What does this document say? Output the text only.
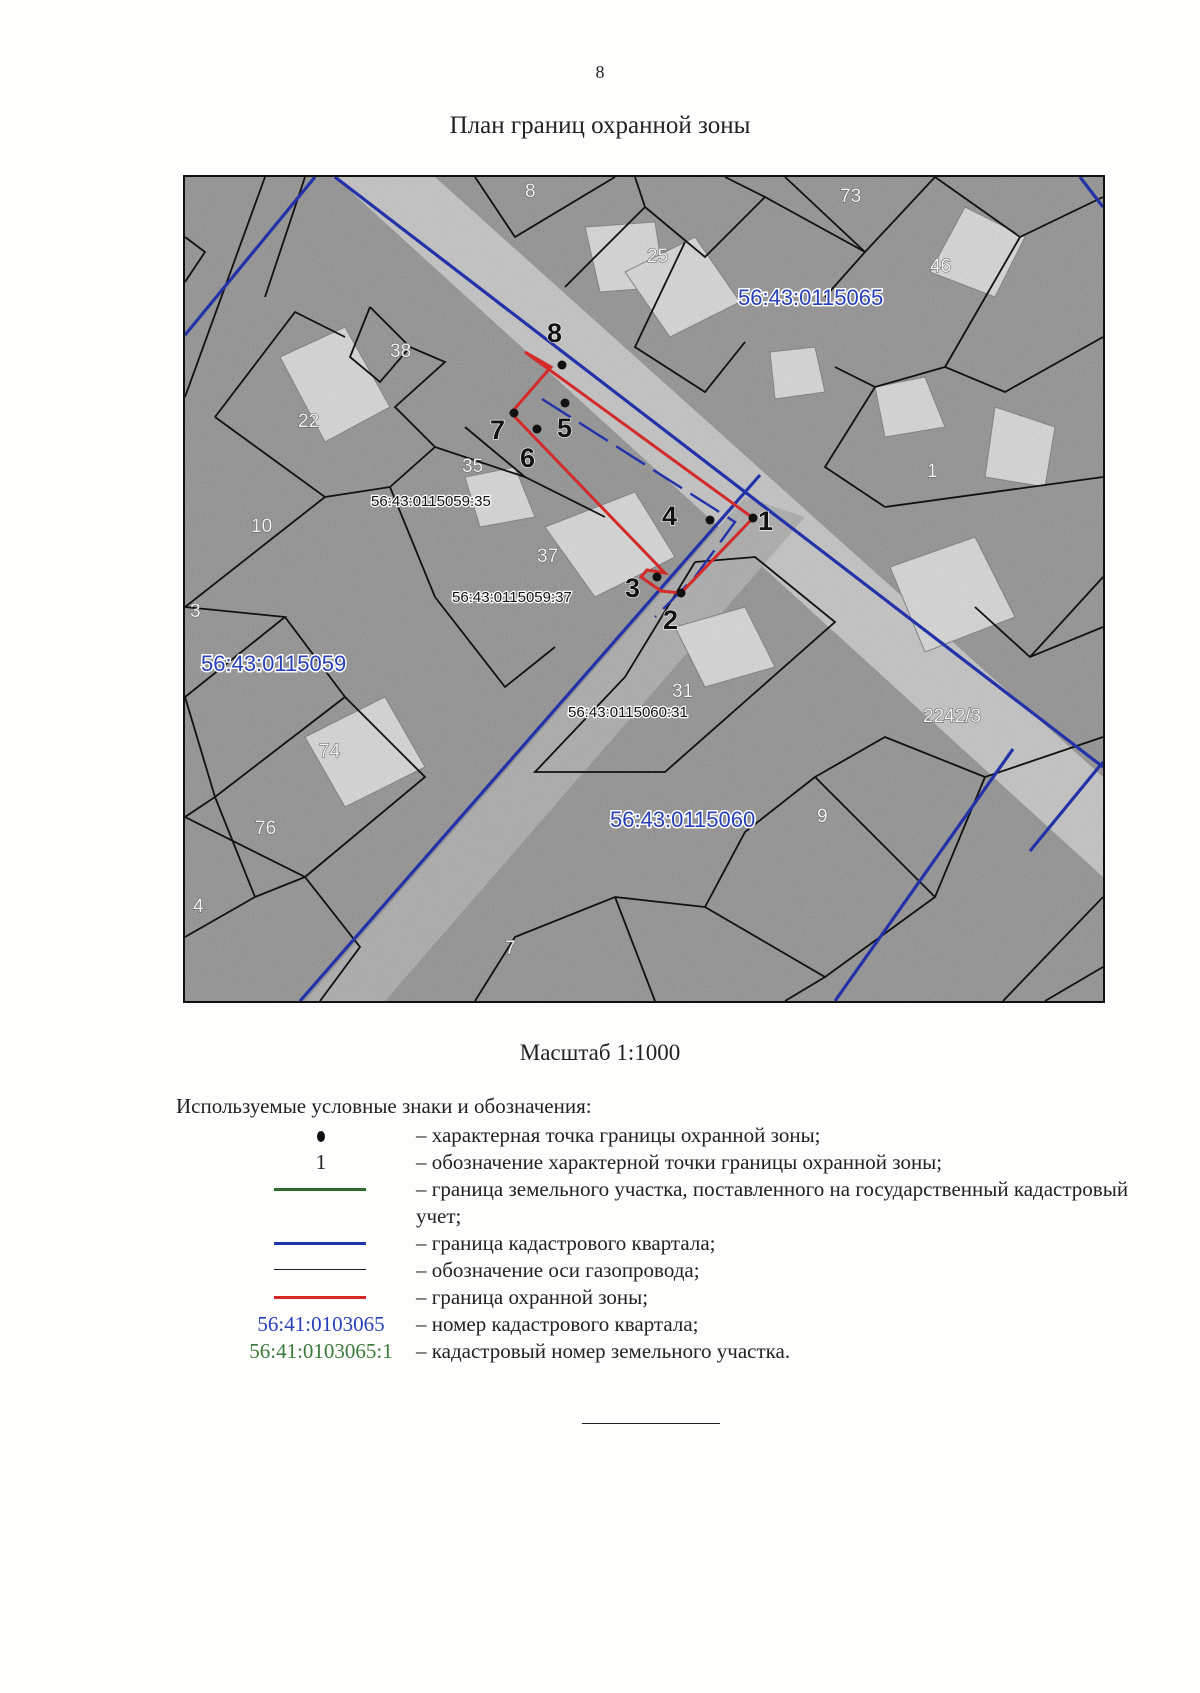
8
План границ охранной зоны
1
2
3
4
5
6
7
8
56:43:0115065
56:43:0115059
56:43:0115060
56:43:0115059:35
56:43:0115059:37
56:43:0115060:31
8	73
25	46
38
22
35
37
10
3
31
74
76
4
7
9
1
2242/3
Масштаб 1:1000
Используемые условные знаки и обозначения:
– характерная точка границы охранной зоны;
1	– обозначение характерной точки границы охранной зоны;
– граница земельного участка, поставленного на государственный кадастровый учет;
– граница кадастрового квартала;
– обозначение оси газопровода;
– граница охранной зоны;
56:41:0103065	– номер кадастрового квартала;
56:41:0103065:1	– кадастровый номер земельного участка.
